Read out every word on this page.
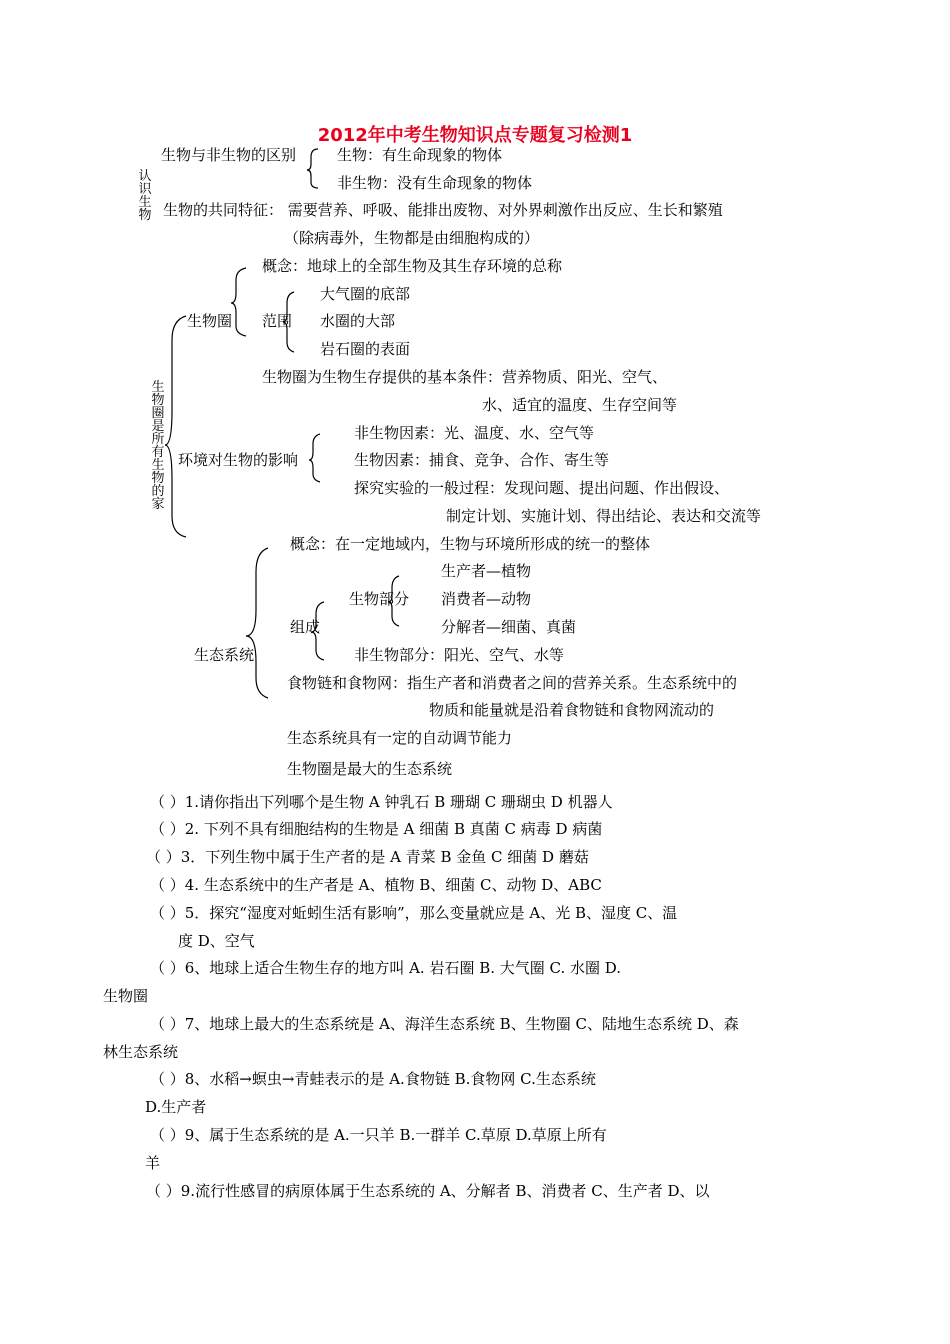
2012年中考生物知识点专题复习检测1
认识生物
生物圈是所有生物的家
生物与非生物的区别	生物：有生命现象的物体
非生物：没有生命现象的物体
生物的共同特征： 需要营养、呼吸、能排出废物、对外界刺激作出反应、生长和繁殖
（除病毒外，生物都是由细胞构成的）
概念：地球上的全部生物及其生存环境的总称
大气圈的底部
生物圈 范围 水圈的大部
岩石圈的表面
生物圈为生物生存提供的基本条件：营养物质、阳光、空气、
水、适宜的温度、生存空间等
非生物因素：光、温度、水、空气等
环境对生物的影响	生物因素：捕食、竞争、合作、寄生等
探究实验的一般过程：发现问题、提出问题、作出假设、
制定计划、实施计划、得出结论、表达和交流等
概念：在一定地域内，生物与环境所形成的统一的整体
生产者—植物
生物部分 消费者—动物
组成	分解者—细菌、真菌
生态系统	非生物部分：阳光、空气、水等
食物链和食物网：指生产者和消费者之间的营养关系。生态系统中的
物质和能量就是沿着食物链和食物网流动的
生态系统具有一定的自动调节能力
生物圈是最大的生态系统
（ ）1.请你指出下列哪个是生物 A 钟乳石 B 珊瑚 C 珊瑚虫 D 机器人
（ ）2. 下列不具有细胞结构的生物是 A 细菌 B 真菌 C 病毒 D 病菌
（ ）3．下列生物中属于生产者的是 A 青菜 B 金鱼 C 细菌 D 蘑菇
（ ）4. 生态系统中的生产者是 A、植物 B、细菌 C、动物 D、ABC
（ ）5．探究“湿度对蚯蚓生活有影响”，那么变量就应是 A、光 B、湿度 C、温
度 D、空气
（ ）6、地球上适合生物生存的地方叫 A. 岩石圈 B. 大气圈 C. 水圈 D.
生物圈
（ ）7、地球上最大的生态系统是 A、海洋生态系统 B、生物圈 C、陆地生态系统 D、森
林生态系统
（ ）8、水稻→螟虫→青蛙表示的是 A.食物链 B.食物网 C.生态系统
D.生产者
（ ）9、属于生态系统的是 A.一只羊 B.一群羊 C.草原 D.草原上所有
羊
（ ）9.流行性感冒的病原体属于生态系统的 A、分解者 B、消费者 C、生产者 D、以
